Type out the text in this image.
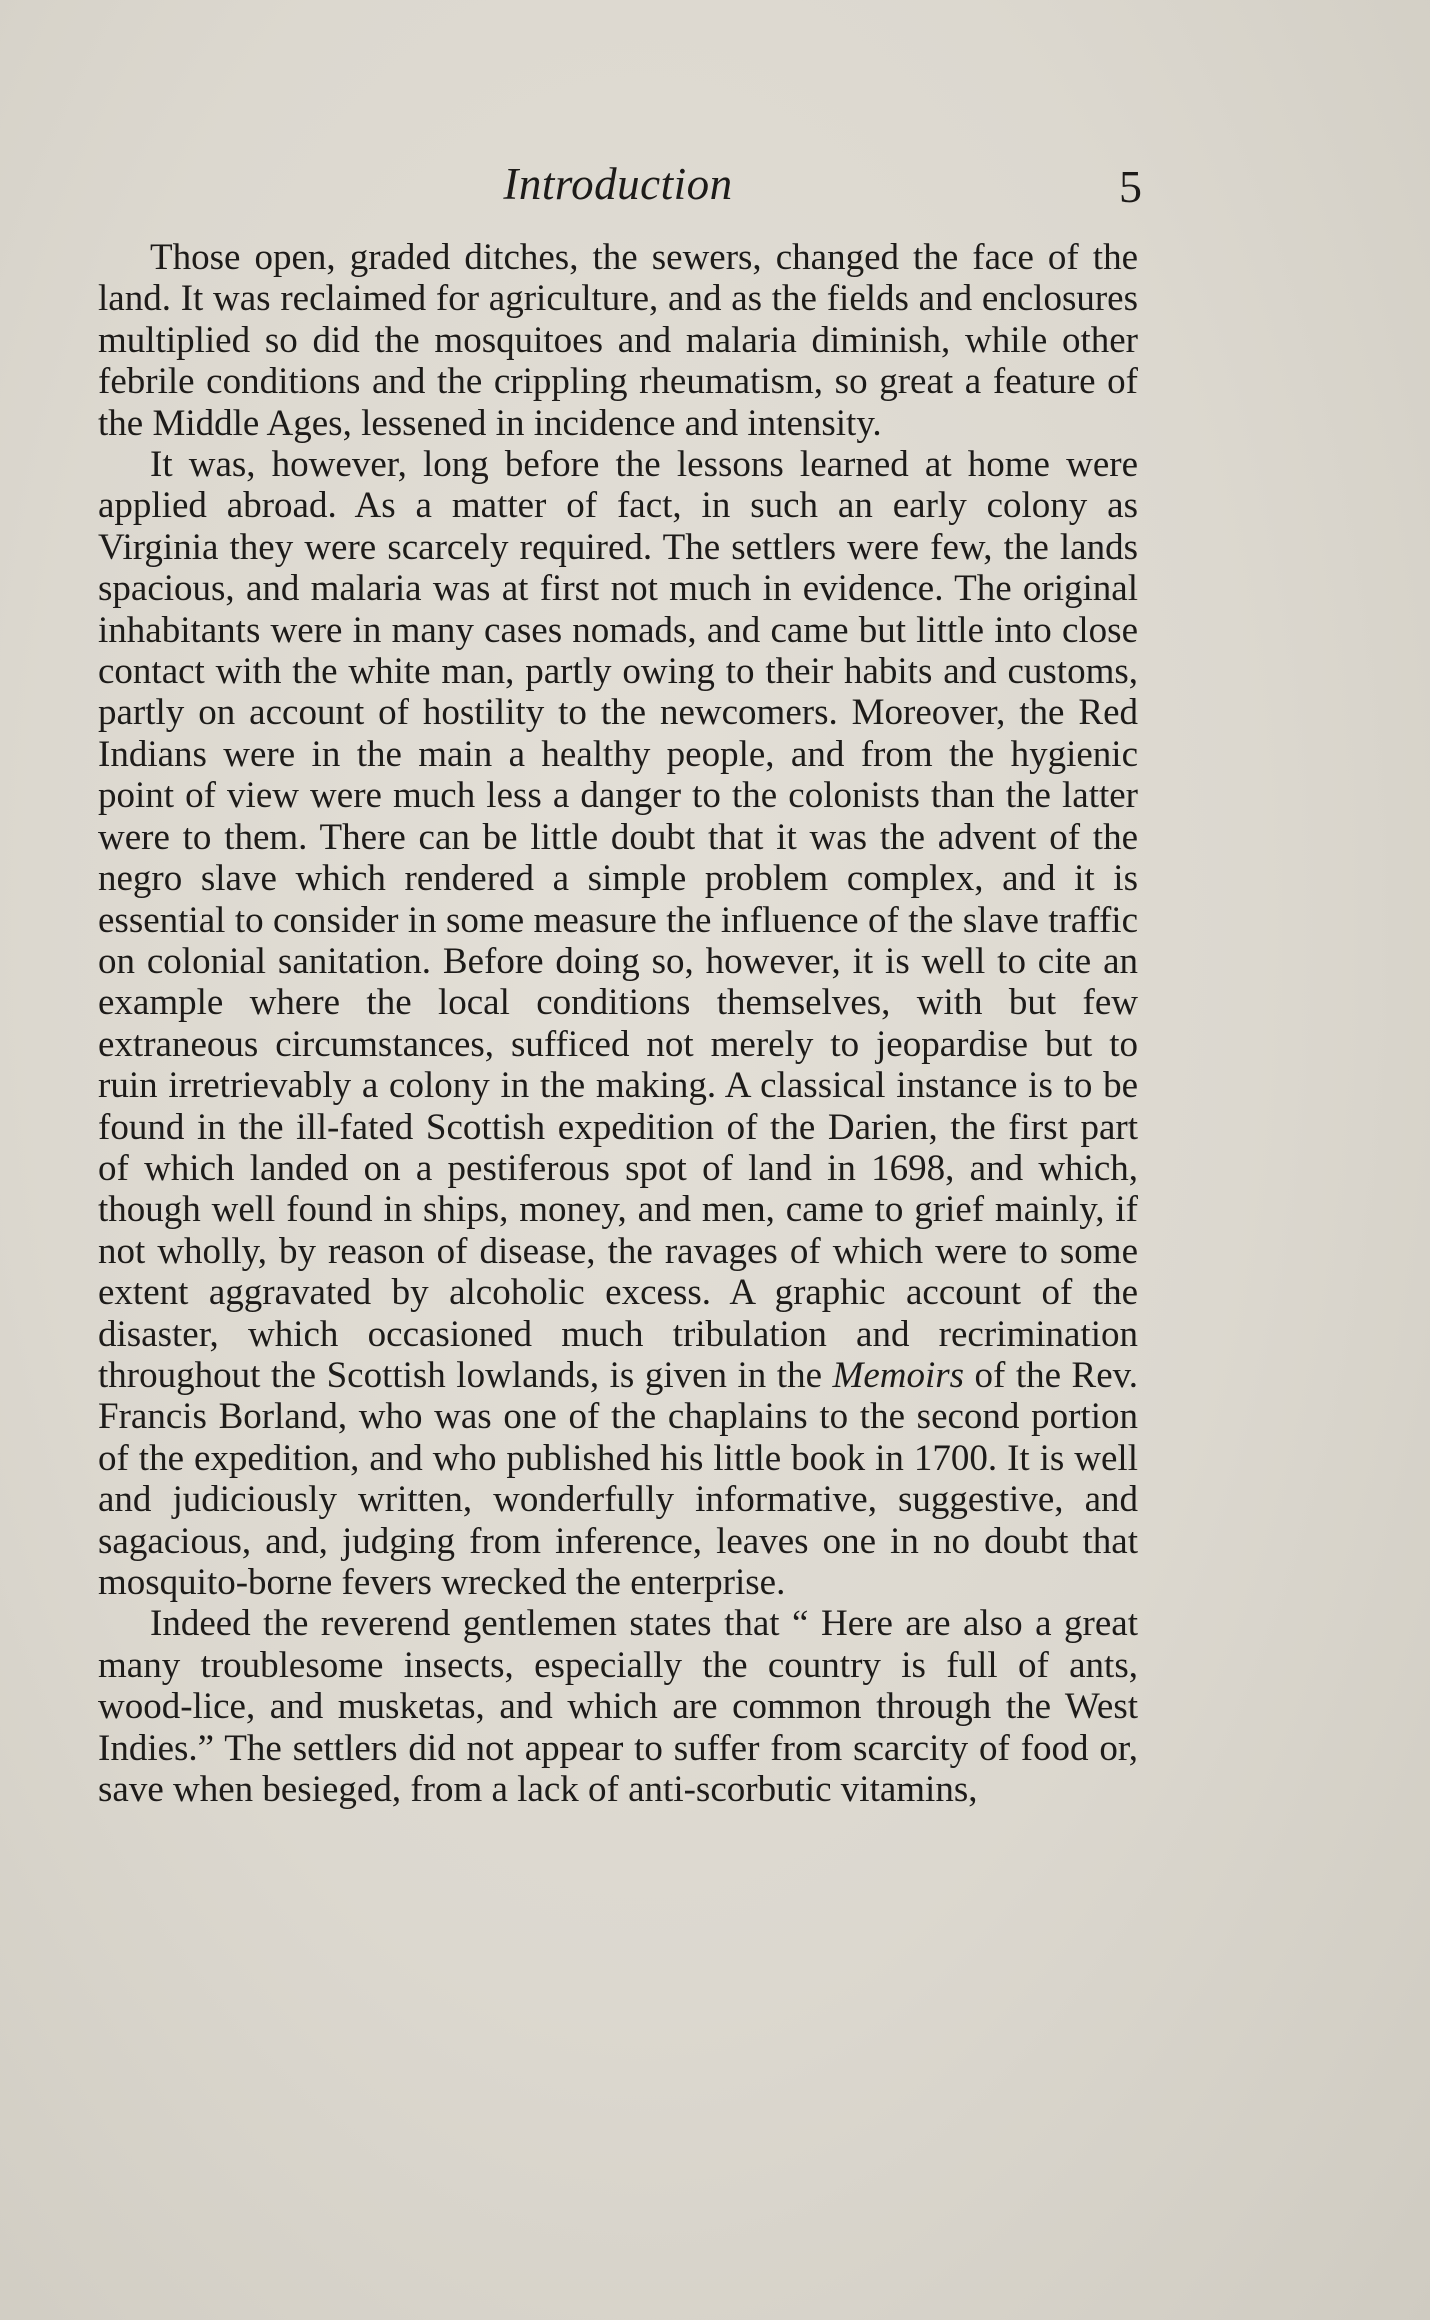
Introduction	5

Those open, graded ditches, the sewers, changed the face of the land. It was reclaimed for agriculture, and as the fields and enclosures multiplied so did the mosquitoes and malaria diminish, while other febrile conditions and the crippling rheumatism, so great a feature of the Middle Ages, lessened in incidence and intensity.

It was, however, long before the lessons learned at home were applied abroad. As a matter of fact, in such an early colony as Virginia they were scarcely required. The settlers were few, the lands spacious, and malaria was at first not much in evidence. The original inhabitants were in many cases nomads, and came but little into close contact with the white man, partly owing to their habits and customs, partly on account of hostility to the newcomers. Moreover, the Red Indians were in the main a healthy people, and from the hygienic point of view were much less a danger to the colonists than the latter were to them. There can be little doubt that it was the advent of the negro slave which rendered a simple problem complex, and it is essential to consider in some measure the influence of the slave traffic on colonial sanitation. Before doing so, however, it is well to cite an example where the local conditions themselves, with but few extraneous circumstances, sufficed not merely to jeopardise but to ruin irretrievably a colony in the making. A classical instance is to be found in the ill-fated Scottish expedition of the Darien, the first part of which landed on a pestiferous spot of land in 1698, and which, though well found in ships, money, and men, came to grief mainly, if not wholly, by reason of disease, the ravages of which were to some extent aggravated by alcoholic excess. A graphic account of the disaster, which occasioned much tribulation and recrimination throughout the Scottish lowlands, is given in the Memoirs of the Rev. Francis Borland, who was one of the chaplains to the second portion of the expedition, and who published his little book in 1700. It is well and judiciously written, wonderfully informative, suggestive, and sagacious, and, judging from inference, leaves one in no doubt that mosquito-borne fevers wrecked the enterprise.

Indeed the reverend gentlemen states that “ Here are also a great many troublesome insects, especially the country is full of ants, wood-lice, and musketas, and which are common through the West Indies.” The settlers did not appear to suffer from scarcity of food or, save when besieged, from a lack of anti-scorbutic vitamins,
